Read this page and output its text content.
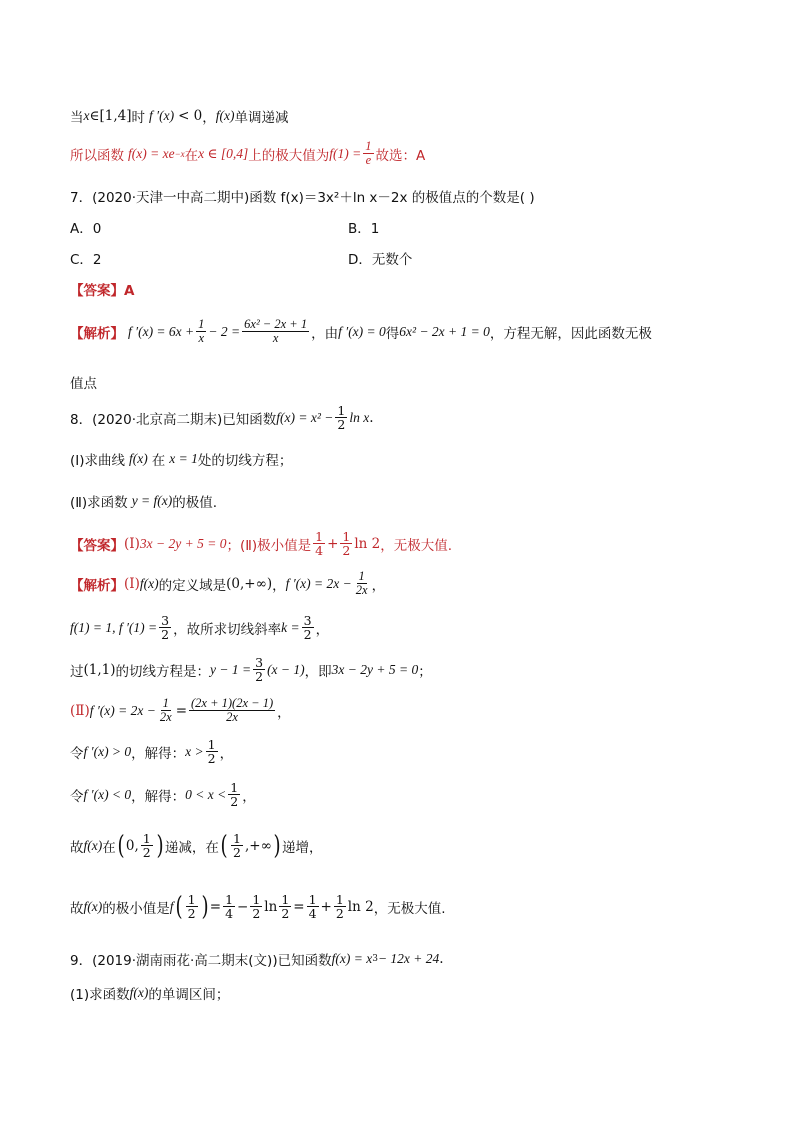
当 x ∈ [1,4] 时 f ′(x) < 0 ， f(x) 单调递减
所以函数 f(x) = xe −x 在 x ∈ [0,4] 上的极大值为 $f(1) = \frac{1}{e}$ 故选：A
7．(2020·天津一中高二期中)函数 f(x)＝3x²＋ln x－2x 的极值点的个数是( )
A．0	B．1
C．2	D．无数个
【答案】A
【解析】 f $'(x) = 6x + \frac{1}{x} - 2 = \frac{\text{6x² − 2x + 1}}{x}$ ，由 f ′(x) = 0 得 6x² − 2x + 1 = 0 ，方程无解，因此函数无极
值点
8．(2020·北京高二期末)已知函数 $f(x) = x^2 - \frac{1}{2}$ ln x .
(Ⅰ)求曲线 f(x) 在 x = 1 处的切线方程；
(Ⅱ)求函数 y = f(x) 的极值.
【答案】 (Ⅰ) 3x − 2y + 5 = 0 ；(Ⅱ)极小值是 $\frac{1}{4} + \frac{1}{2}$ ln 2 ，无极大值.
【解析】 (Ⅰ) f(x) 的定义域是 (0,+∞) ， f $'(x) = 2x - \frac{1}{2x}$ ，
f(1) = 1, f $'(1) = \frac{3}{2}$ ，故所求切线斜率 $k = \frac{3}{2}$ ，
过 (1,1) 的切线方程是： $y - 1 = \frac{3}{2} (x - 1)$ ，即 3x − 2y + 5 = 0 ；
(Ⅱ) f $'(x) = 2x - \frac{1}{2x} = \frac{(2x + 1)(2x - 1)}{2x}$ ，
令 f ′(x) > 0 ，解得： $x > \frac{1}{2}$ ，
令 f ′(x) < 0 ，解得： $0 < x < \frac{1}{2}$ ，
故 f(x) 在 ( 0, $\frac{1}{2}$ ) 递减，在 ( $\frac{1}{2}$ ,+∞ ) 递增，
故 f(x) 的极小值是 f ( $\frac{1}{2}$ ) = $\frac{1}{4} - \frac{1}{2}$ $\ln \frac{1}{2} = \frac{1}{4} + \frac{1}{2}$ ln 2 ，无极大值.
9．(2019·湖南雨花·高二期末(文))已知函数 f(x) = x 3 − 12x + 24 .
(1)求函数 f(x) 的单调区间；
